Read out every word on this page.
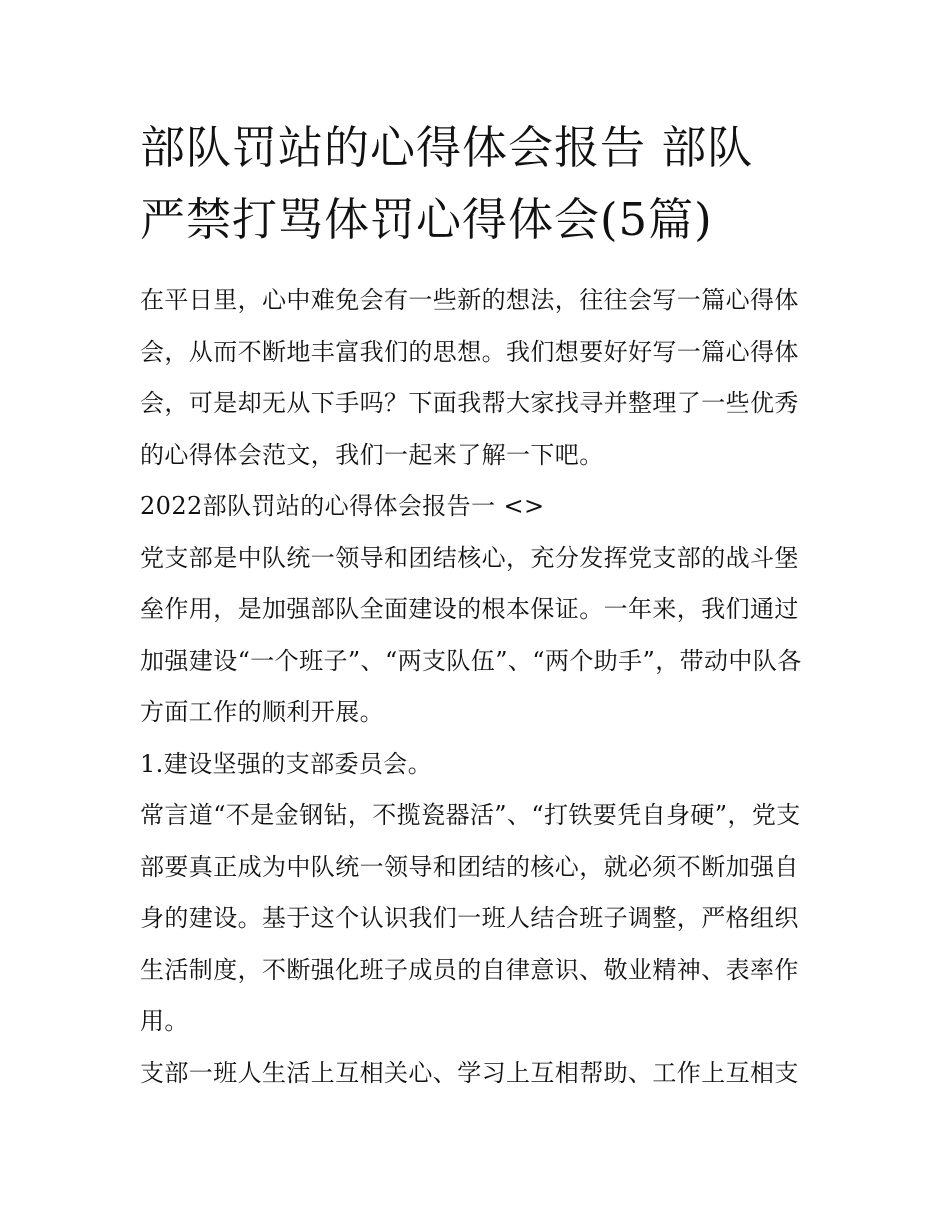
部队罚站的心得体会报告 部队
严禁打骂体罚心得体会(5篇)
在平日里，心中难免会有一些新的想法，往往会写一篇心得体
会，从而不断地丰富我们的思想。我们想要好好写一篇心得体
会，可是却无从下手吗？下面我帮大家找寻并整理了一些优秀
的心得体会范文，我们一起来了解一下吧。
2022部队罚站的心得体会报告一 <>
党支部是中队统一领导和团结核心，充分发挥党支部的战斗堡
垒作用，是加强部队全面建设的根本保证。一年来，我们通过
加强建设“一个班子”、“两支队伍”、“两个助手”，带动中队各
方面工作的顺利开展。
1.建设坚强的支部委员会。
常言道“不是金钢钻，不揽瓷器活”、“打铁要凭自身硬”，党支
部要真正成为中队统一领导和团结的核心，就必须不断加强自
身的建设。基于这个认识我们一班人结合班子调整，严格组织
生活制度，不断强化班子成员的自律意识、敬业精神、表率作
用。
支部一班人生活上互相关心、学习上互相帮助、工作上互相支
